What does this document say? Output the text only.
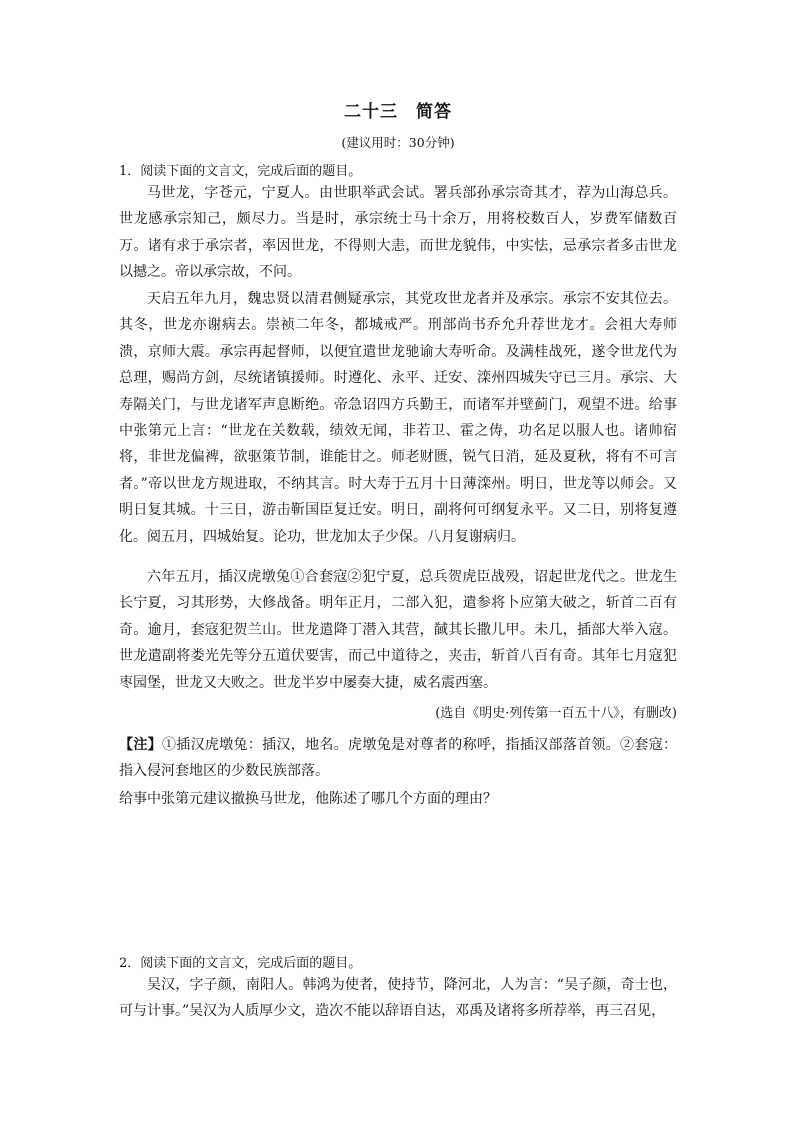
二十三　简答
(建议用时：30分钟)
1．阅读下面的文言文，完成后面的题目。

马世龙，字苍元，宁夏人。由世职举武会试。署兵部孙承宗奇其才，荐为山海总兵。世龙感承宗知己，颇尽力。当是时，承宗统士马十余万，用将校数百人，岁费军储数百万。诸有求于承宗者，率因世龙，不得则大恚，而世龙貌伟，中实怯，忌承宗者多击世龙以撼之。帝以承宗故，不问。

天启五年九月，魏忠贤以清君侧疑承宗，其党攻世龙者并及承宗。承宗不安其位去。其冬，世龙亦谢病去。崇祯二年冬，都城戒严。刑部尚书乔允升荐世龙才。会祖大寿师溃，京师大震。承宗再起督师，以便宜遣世龙驰谕大寿听命。及满桂战死，遂令世龙代为总理，赐尚方剑，尽统诸镇援师。时遵化、永平、迁安、滦州四城失守已三月。承宗、大寿隔关门，与世龙诸军声息断绝。帝急诏四方兵勤王，而诸军并壁蓟门，观望不进。给事中张第元上言：“世龙在关数载，绩效无闻，非若卫、霍之俦，功名足以服人也。诸帅宿将，非世龙偏裨，欲驱策节制，谁能甘之。师老财匮，锐气日消，延及夏秋，将有不可言者。”帝以世龙方规进取，不纳其言。时大寿于五月十日薄滦州。明日，世龙等以师会。又明日复其城。十三日，游击靳国臣复迁安。明日，副将何可纲复永平。又二日，别将复遵化。阅五月，四城始复。论功，世龙加太子少保。八月复谢病归。

六年五月，插汉虎墩兔①合套寇②犯宁夏，总兵贺虎臣战殁，诏起世龙代之。世龙生长宁夏，习其形势，大修战备。明年正月，二部入犯，遣参将卜应第大破之，斩首二百有奇。逾月，套寇犯贺兰山。世龙遣降丁潜入其营，馘其长撒儿甲。未几，插部大举入寇。世龙遣副将娄光先等分五道伏要害，而己中道待之，夹击，斩首八百有奇。其年七月寇犯枣园堡，世龙又大败之。世龙半岁中屡奏大捷，威名震西塞。

(选自《明史·列传第一百五十八》，有删改)

【注】①插汉虎墩兔：插汉，地名。虎墩兔是对尊者的称呼，指插汉部落首领。②套寇：指入侵河套地区的少数民族部落。

给事中张第元建议撤换马世龙，他陈述了哪几个方面的理由？
2．阅读下面的文言文，完成后面的题目。

吴汉，字子颜，南阳人。韩鸿为使者，使持节，降河北，人为言：“吴子颜，奇士也，可与计事。”吴汉为人质厚少文，造次不能以辞语自达，邓禹及诸将多所荐举，再三召见，
